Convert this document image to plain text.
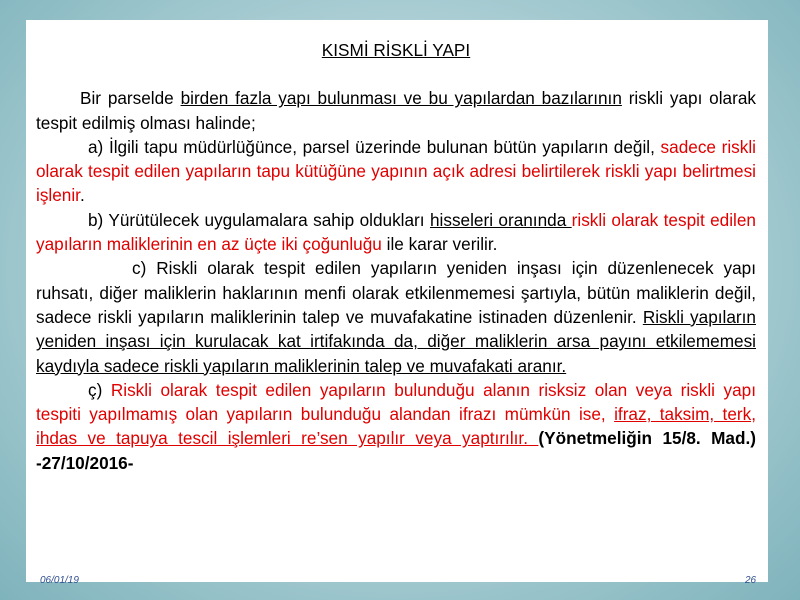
KISMİ RİSKLİ YAPI

Bir parselde birden fazla yapı bulunması ve bu yapılardan bazılarının riskli yapı olarak tespit edilmiş olması halinde;

a) İlgili tapu müdürlüğünce, parsel üzerinde bulunan bütün yapıların değil, sadece riskli olarak tespit edilen yapıların tapu kütüğüne yapının açık adresi belirtilerek riskli yapı belirtmesi işlenir.

b) Yürütülecek uygulamalara sahip oldukları hisseleri oranında riskli olarak tespit edilen yapıların maliklerinin en az üçte iki çoğunluğu ile karar verilir.

c) Riskli olarak tespit edilen yapıların yeniden inşası için düzenlenecek yapı ruhsatı, diğer maliklerin haklarının menfi olarak etkilenmemesi şartıyla, bütün maliklerin değil, sadece riskli yapıların maliklerinin talep ve muvafakatine istinaden düzenlenir. Riskli yapıların yeniden inşası için kurulacak kat irtifakında da, diğer maliklerin arsa payını etkilememesi kaydıyla sadece riskli yapıların maliklerinin talep ve muvafakati aranır.

ç) Riskli olarak tespit edilen yapıların bulunduğu alanın risksiz olan veya riskli yapı tespiti yapılmamış olan yapıların bulunduğu alandan ifrazı mümkün ise, ifraz, taksim, terk, ihdas ve tapuya tescil işlemleri re’sen yapılır veya yaptırılır. (Yönetmeliğin 15/8. Mad.) -27/10/2016-

06/01/19	26
